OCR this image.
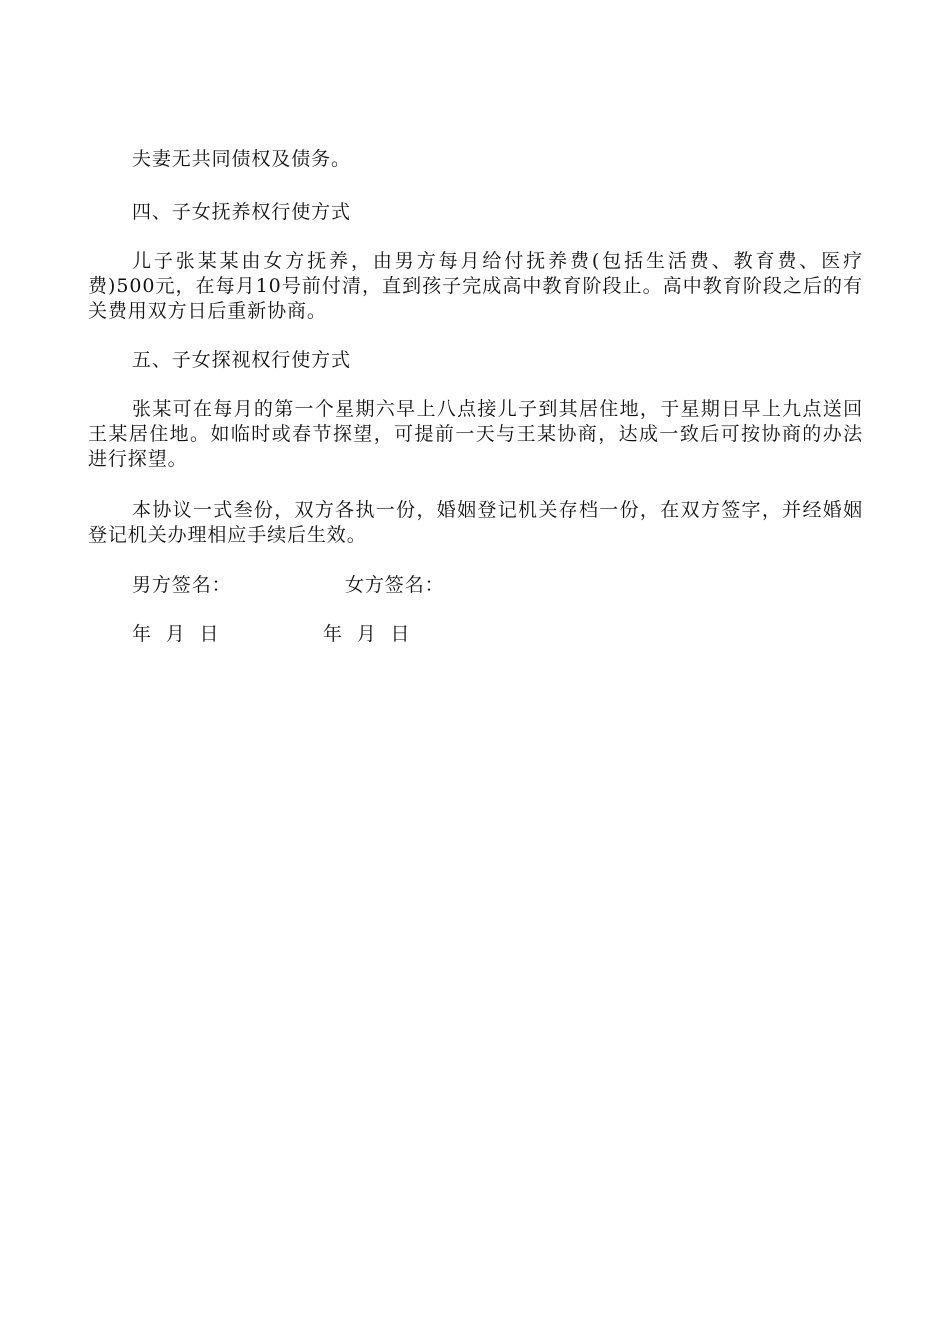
夫妻无共同债权及债务。

四、子女抚养权行使方式

儿子张某某由女方抚养，由男方每月给付抚养费(包括生活费、教育费、医疗费)500元，在每月10号前付清，直到孩子完成高中教育阶段止。高中教育阶段之后的有关费用双方日后重新协商。

五、子女探视权行使方式

张某可在每月的第一个星期六早上八点接儿子到其居住地，于星期日早上九点送回王某居住地。如临时或春节探望，可提前一天与王某协商，达成一致后可按协商的办法进行探望。

本协议一式叁份，双方各执一份，婚姻登记机关存档一份，在双方签字，并经婚姻登记机关办理相应手续后生效。

男方签名：	女方签名：
年  月  日	年  月  日
